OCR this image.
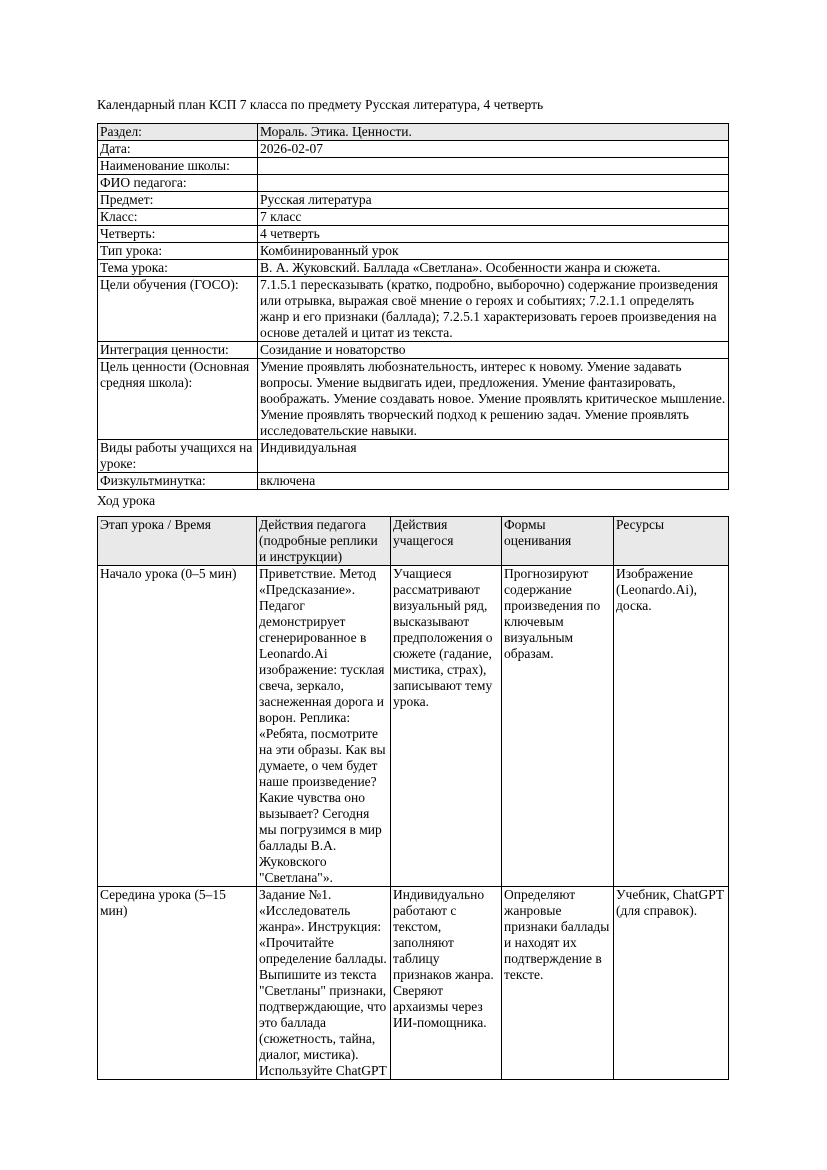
Календарный план КСП 7 класса по предмету Русская литература, 4 четверть

Раздел:	Мораль. Этика. Ценности.
Дата:	2026-02-07
Наименование школы:	
ФИО педагога:	
Предмет:	Русская литература
Класс:	7 класс
Четверть:	4 четверть
Тип урока:	Комбинированный урок
Тема урока:	В. А. Жуковский. Баллада «Светлана». Особенности жанра и сюжета.
Цели обучения (ГОСО):	7.1.5.1 пересказывать (кратко, подробно, выборочно) содержание произведения или отрывка, выражая своё мнение о героях и событиях; 7.2.1.1 определять жанр и его признаки (баллада); 7.2.5.1 характеризовать героев произведения на основе деталей и цитат из текста.
Интеграция ценности:	Созидание и новаторство
Цель ценности (Основная средняя школа):	Умение проявлять любознательность, интерес к новому. Умение задавать вопросы. Умение выдвигать идеи, предложения. Умение фантазировать, воображать. Умение создавать новое. Умение проявлять критическое мышление. Умение проявлять творческий подход к решению задач. Умение проявлять исследовательские навыки.
Виды работы учащихся на уроке:	Индивидуальная
Физкультминутка:	включена

Ход урока

Этап урока / Время	Действия педагога (подробные реплики и инструкции)	Действия учащегося	Формы оценивания	Ресурсы
Начало урока (0–5 мин)	Приветствие. Метод «Предсказание». Педагог демонстрирует сгенерированное в Leonardo.Ai изображение: тусклая свеча, зеркало, заснеженная дорога и ворон. Реплика: «Ребята, посмотрите на эти образы. Как вы думаете, о чем будет наше произведение? Какие чувства оно вызывает? Сегодня мы погрузимся в мир баллады В.А. Жуковского "Светлана"».	Учащиеся рассматривают визуальный ряд, высказывают предположения о сюжете (гадание, мистика, страх), записывают тему урока.	Прогнозируют содержание произведения по ключевым визуальным образам.	Изображение (Leonardo.Ai), доска.
Середина урока (5–15 мин)	Задание №1. «Исследователь жанра». Инструкция: «Прочитайте определение баллады. Выпишите из текста "Светланы" признаки, подтверждающие, что это баллада (сюжетность, тайна, диалог, мистика). Используйте ChatGPT	Индивидуально работают с текстом, заполняют таблицу признаков жанра. Сверяют архаизмы через ИИ-помощника.	Определяют жанровые признаки баллады и находят их подтверждение в тексте.	Учебник, ChatGPT (для справок).
